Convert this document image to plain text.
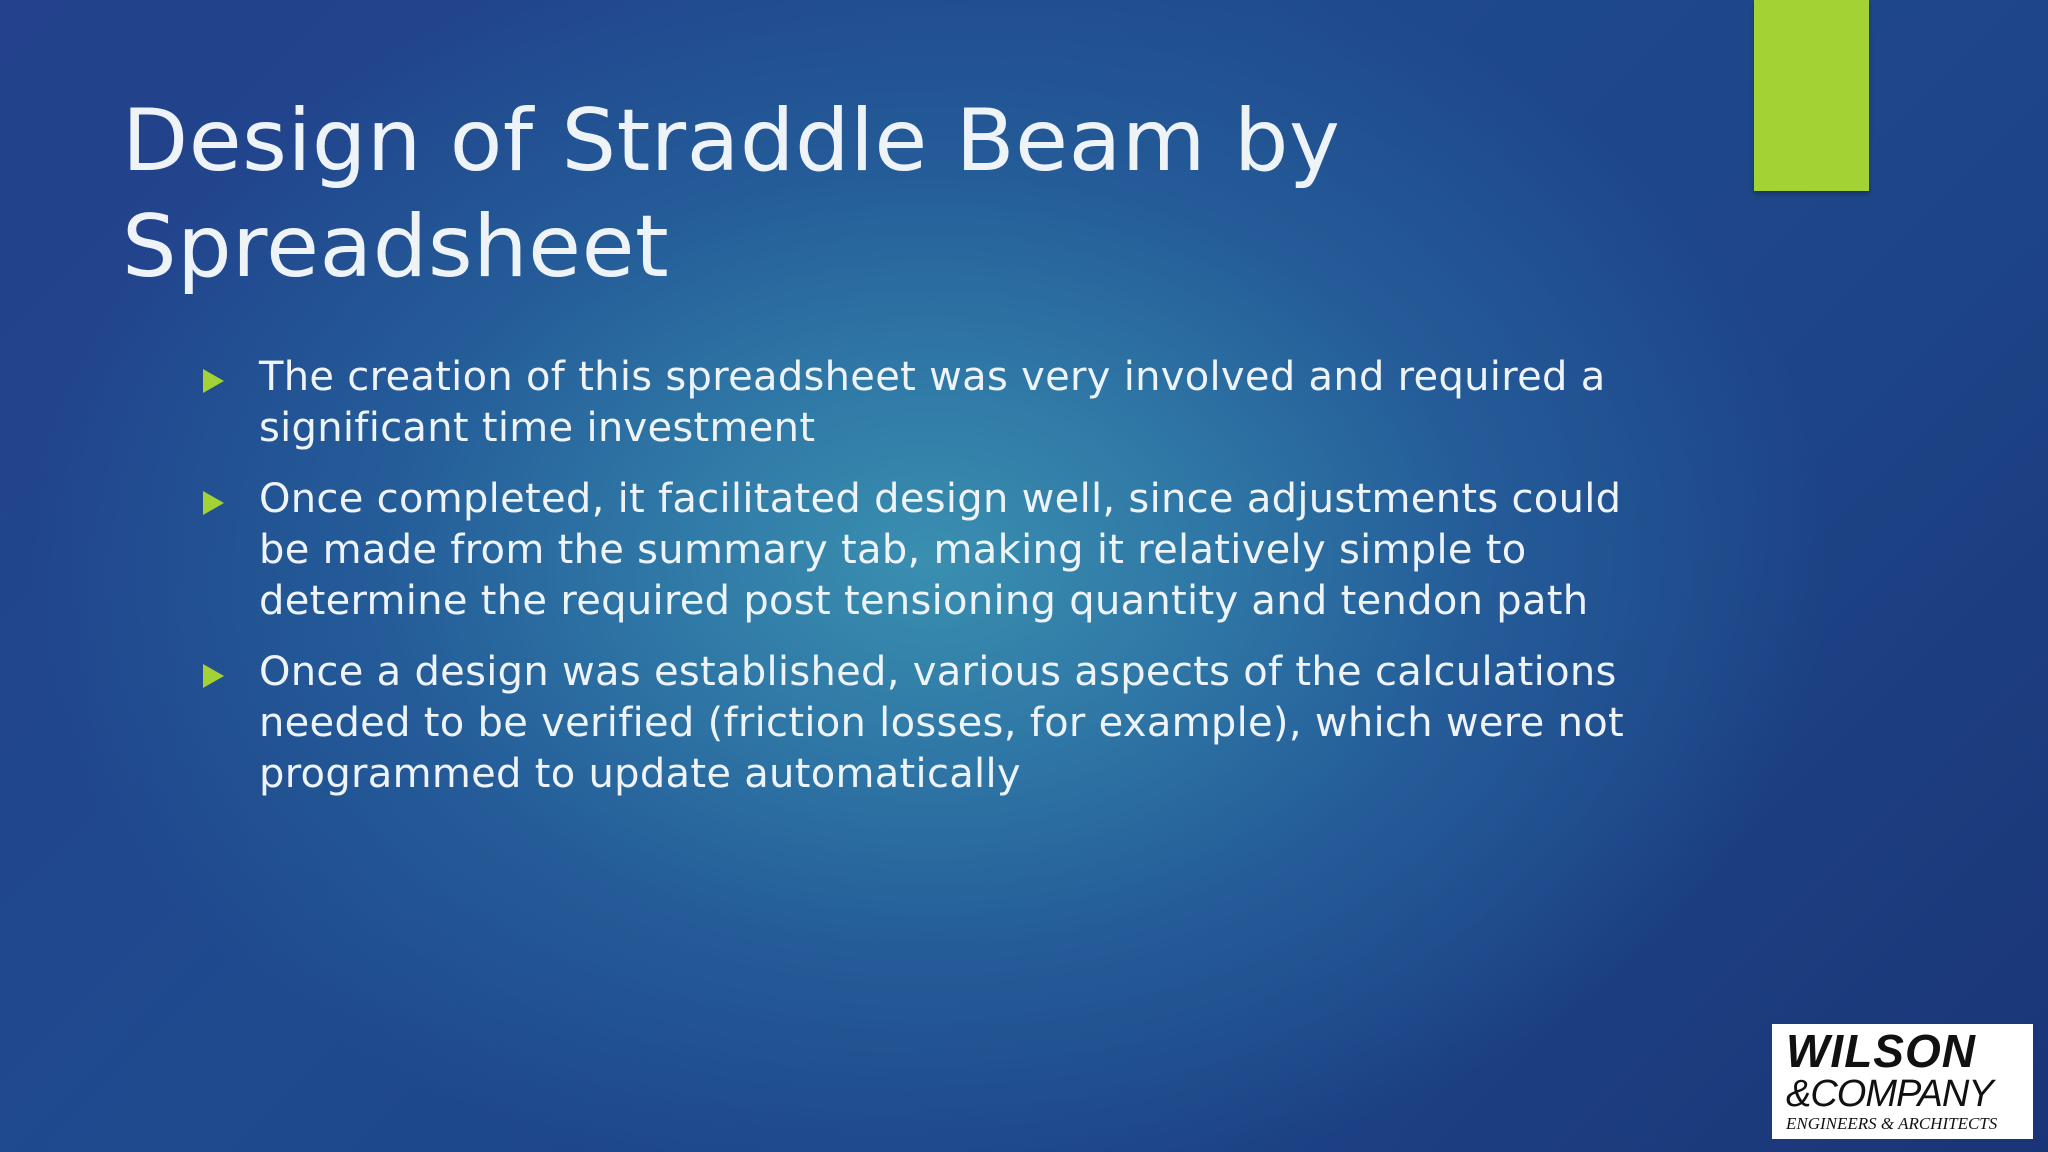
Design of Straddle Beam by Spreadsheet
The creation of this spreadsheet was very involved and required a significant time investment
Once completed, it facilitated design well, since adjustments could be made from the summary tab, making it relatively simple to determine the required post tensioning quantity and tendon path
Once a design was established, various aspects of the calculations needed to be verified (friction losses, for example), which were not programmed to update automatically
WILSON
&COMPANY
ENGINEERS & ARCHITECTS
